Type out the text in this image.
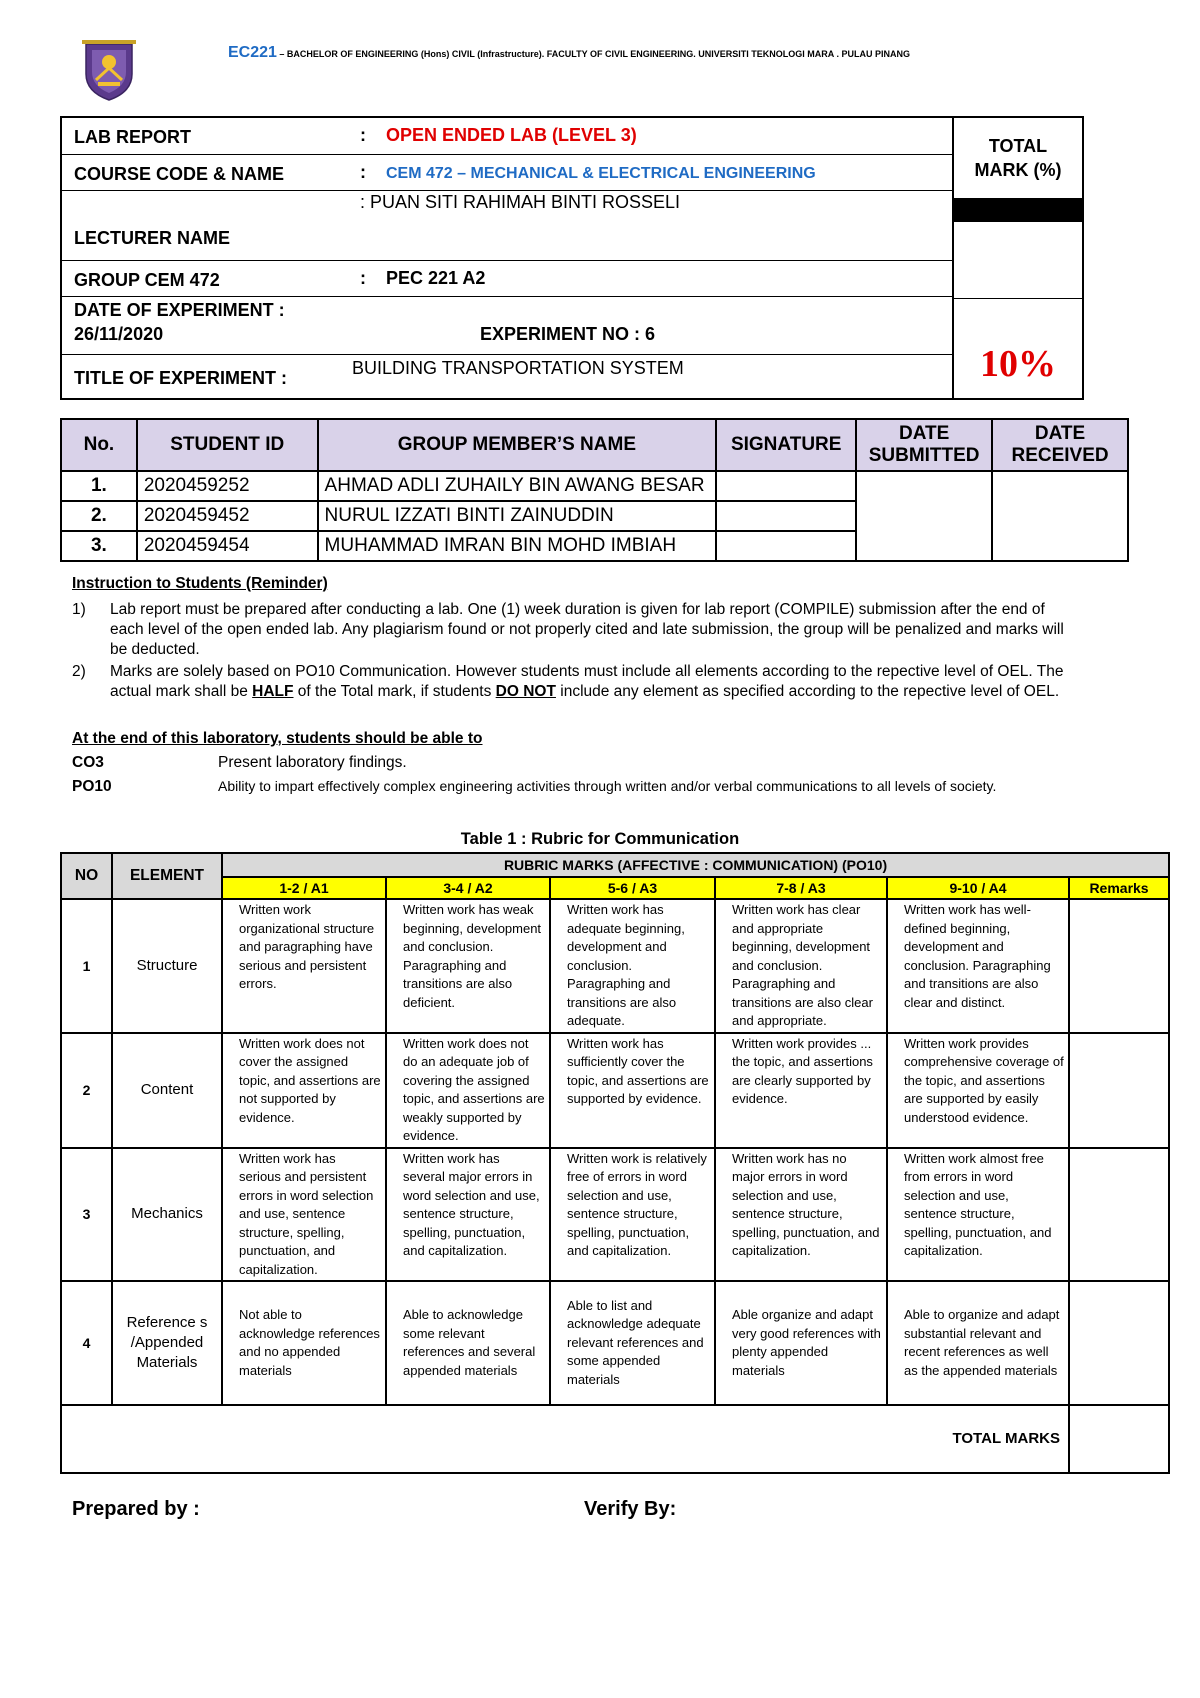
EC221 – BACHELOR OF ENGINEERING (Hons) CIVIL (Infrastructure). FACULTY OF CIVIL ENGINEERING. UNIVERSITI TEKNOLOGI MARA . PULAU PINANG
LAB REPORT	: OPEN ENDED LAB (LEVEL 3)
COURSE CODE & NAME	: CEM 472 – MECHANICAL & ELECTRICAL ENGINEERING
: PUAN SITI RAHIMAH BINTI ROSSELI
LECTURER NAME
GROUP CEM 472	: PEC 221 A2
DATE OF EXPERIMENT :
26/11/2020	EXPERIMENT NO : 6
TITLE OF EXPERIMENT :	BUILDING TRANSPORTATION SYSTEM
TOTAL
MARK (%)
10%
No.	STUDENT ID	GROUP MEMBER’S NAME	SIGNATURE	DATE SUBMITTED	DATE RECEIVED
1.	2020459252	AHMAD ADLI ZUHAILY BIN AWANG BESAR			
2.	2020459452	NURUL IZZATI BINTI ZAINUDDIN			
3.	2020459454	MUHAMMAD IMRAN BIN MOHD IMBIAH			
Instruction to Students (Reminder)
1) Lab report must be prepared after conducting a lab. One (1) week duration is given for lab report (COMPILE) submission after the end of each level of the open ended lab. Any plagiarism found or not properly cited and late submission, the group will be penalized and marks will be deducted.
2) Marks are solely based on PO10 Communication. However students must include all elements according to the repective level of OEL. The actual mark shall be HALF of the Total mark, if students DO NOT include any element as specified according to the repective level of OEL.
At the end of this laboratory, students should be able to
CO3	Present laboratory findings.
PO10	Ability to impart effectively complex engineering activities through written and/or verbal communications to all levels of society.
Table 1 : Rubric for Communication
NO	ELEMENT	RUBRIC MARKS (AFFECTIVE : COMMUNICATION) (PO10)					
		1-2 / A1	3-4 / A2	5-6 / A3	7-8 / A3	9-10 / A4	Remarks
1	Structure	Written work organizational structure and paragraphing have serious and persistent errors.	Written work has weak beginning, development and conclusion. Paragraphing and transitions are also deficient.	Written work has adequate beginning, development and conclusion. Paragraphing and transitions are also adequate.	Written work has clear and appropriate beginning, development and conclusion. Paragraphing and transitions are also clear and appropriate.	Written work has well-defined beginning, development and conclusion. Paragraphing and transitions are also clear and distinct.	
2	Content	Written work does not cover the assigned topic, and assertions are not supported by evidence.	Written work does not do an adequate job of covering the assigned topic, and assertions are weakly supported by evidence.	Written work has sufficiently cover the topic, and assertions are supported by evidence.	Written work provides ... the topic, and assertions are clearly supported by evidence.	Written work provides comprehensive coverage of the topic, and assertions are supported by easily understood evidence.	
3	Mechanics	Written work has serious and persistent errors in word selection and use, sentence structure, spelling, punctuation, and capitalization.	Written work has several major errors in word selection and use, sentence structure, spelling, punctuation, and capitalization.	Written work is relatively free of errors in word selection and use, sentence structure, spelling, punctuation, and capitalization.	Written work has no major errors in word selection and use, sentence structure, spelling, punctuation, and capitalization.	Written work almost free from errors in word selection and use, sentence structure, spelling, punctuation, and capitalization.	
4	Reference s /Appended Materials	Not able to acknowledge references and no appended materials	Able to acknowledge some relevant references and several appended materials	Able to list and acknowledge adequate relevant references and some appended materials	Able organize and adapt very good references with plenty appended materials	Able to organize and adapt substantial relevant and recent references as well as the appended materials	
TOTAL MARKS							
Prepared by :	Verify By:
